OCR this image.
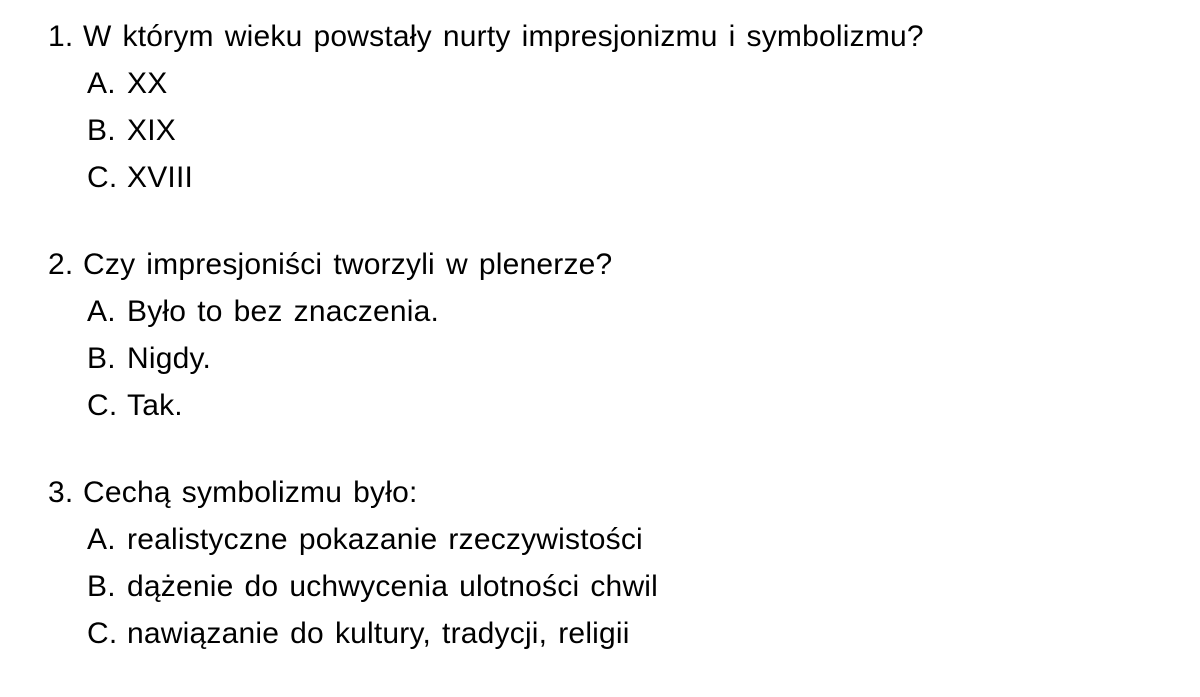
1. W którym wieku powstały nurty impresjonizmu i symbolizmu?
A. XX
B. XIX
C. XVIII
2. Czy impresjoniści tworzyli w plenerze?
A. Było to bez znaczenia.
B. Nigdy.
C. Tak.
3. Cechą symbolizmu było:
A. realistyczne pokazanie rzeczywistości
B. dążenie do uchwycenia ulotności chwil
C. nawiązanie do kultury, tradycji, religii
